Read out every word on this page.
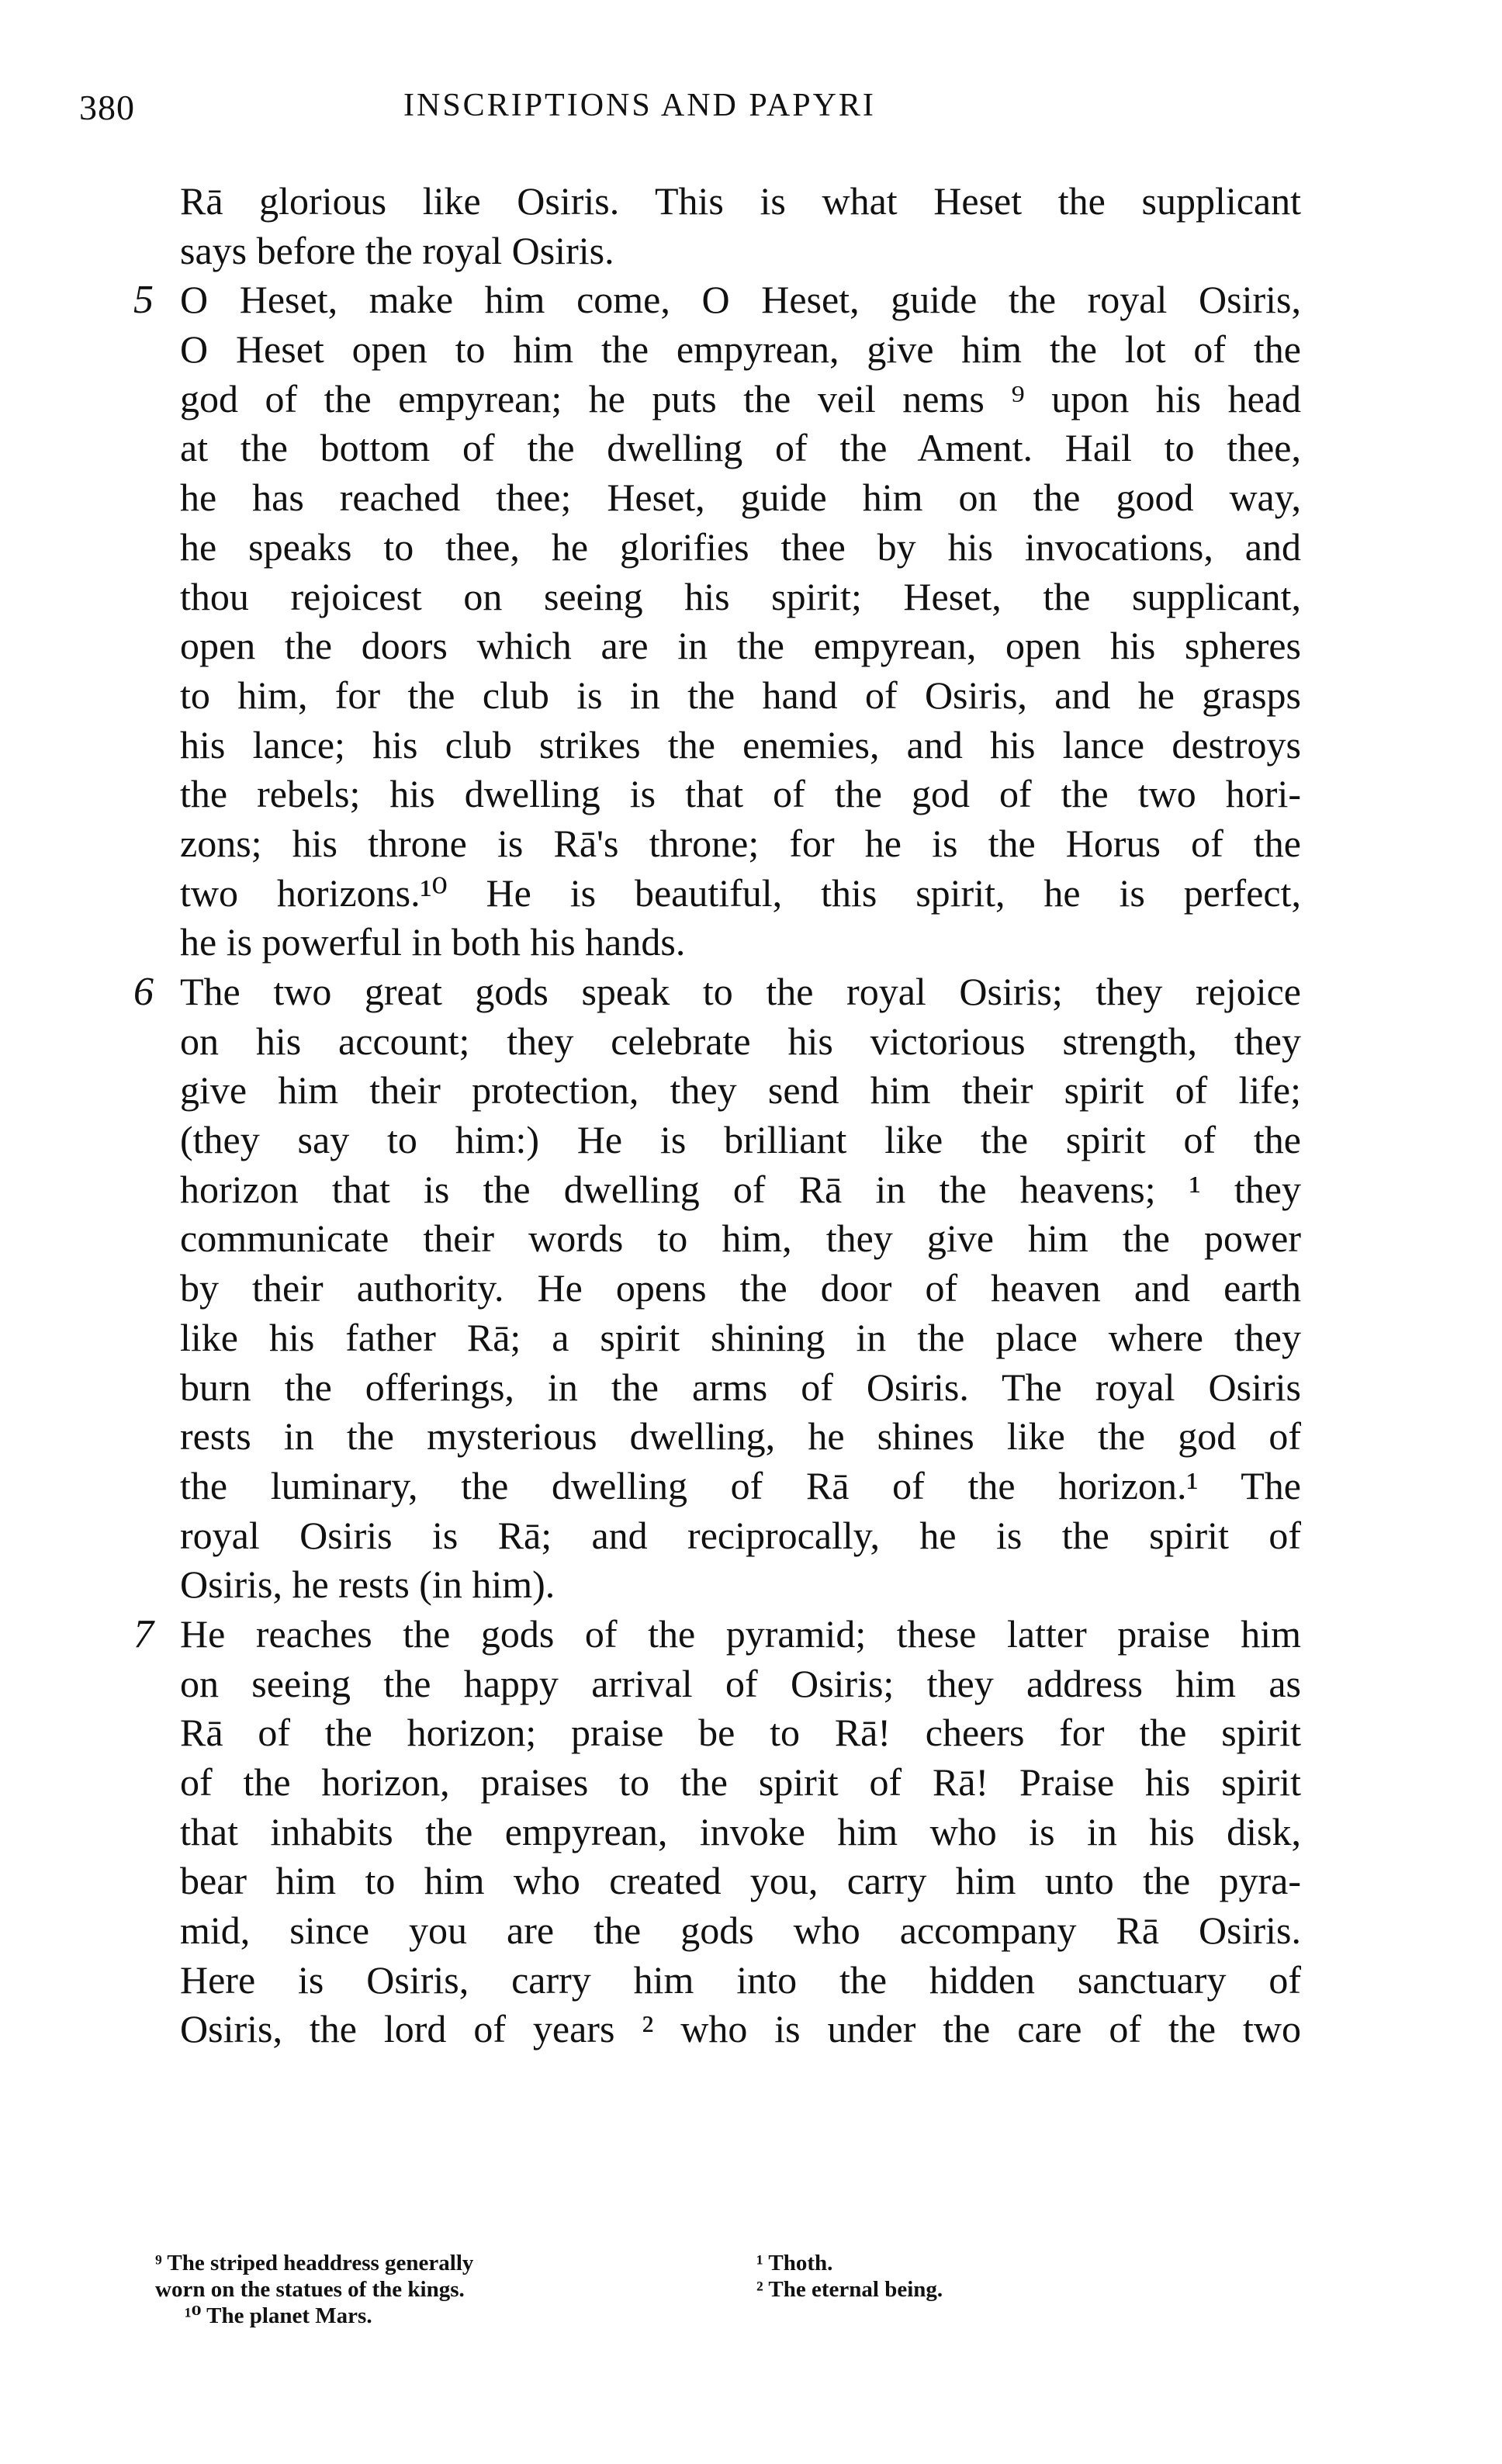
380	INSCRIPTIONS AND PAPYRI
Rā glorious like Osiris. This is what Heset the supplicant
says before the royal Osiris.
5 O Heset, make him come, O Heset, guide the royal Osiris,
O Heset open to him the empyrean, give him the lot of the
god of the empyrean; he puts the veil nems ⁹ upon his head
at the bottom of the dwelling of the Ament. Hail to thee,
he has reached thee; Heset, guide him on the good way,
he speaks to thee, he glorifies thee by his invocations, and
thou rejoicest on seeing his spirit; Heset, the supplicant,
open the doors which are in the empyrean, open his spheres
to him, for the club is in the hand of Osiris, and he grasps
his lance; his club strikes the enemies, and his lance destroys
the rebels; his dwelling is that of the god of the two hori-
zons; his throne is Rā's throne; for he is the Horus of the
two horizons.¹⁰ He is beautiful, this spirit, he is perfect,
he is powerful in both his hands.
6 The two great gods speak to the royal Osiris; they rejoice
on his account; they celebrate his victorious strength, they
give him their protection, they send him their spirit of life;
(they say to him:) He is brilliant like the spirit of the
horizon that is the dwelling of Rā in the heavens; ¹ they
communicate their words to him, they give him the power
by their authority. He opens the door of heaven and earth
like his father Rā; a spirit shining in the place where they
burn the offerings, in the arms of Osiris. The royal Osiris
rests in the mysterious dwelling, he shines like the god of
the luminary, the dwelling of Rā of the horizon.¹ The
royal Osiris is Rā; and reciprocally, he is the spirit of
Osiris, he rests (in him).
7 He reaches the gods of the pyramid; these latter praise him
on seeing the happy arrival of Osiris; they address him as
Rā of the horizon; praise be to Rā! cheers for the spirit
of the horizon, praises to the spirit of Rā! Praise his spirit
that inhabits the empyrean, invoke him who is in his disk,
bear him to him who created you, carry him unto the pyra-
mid, since you are the gods who accompany Rā Osiris.
Here is Osiris, carry him into the hidden sanctuary of
Osiris, the lord of years ² who is under the care of the two
⁹ The striped headdress generally
worn on the statues of the kings.
¹⁰ The planet Mars.
¹ Thoth.
² The eternal being.
